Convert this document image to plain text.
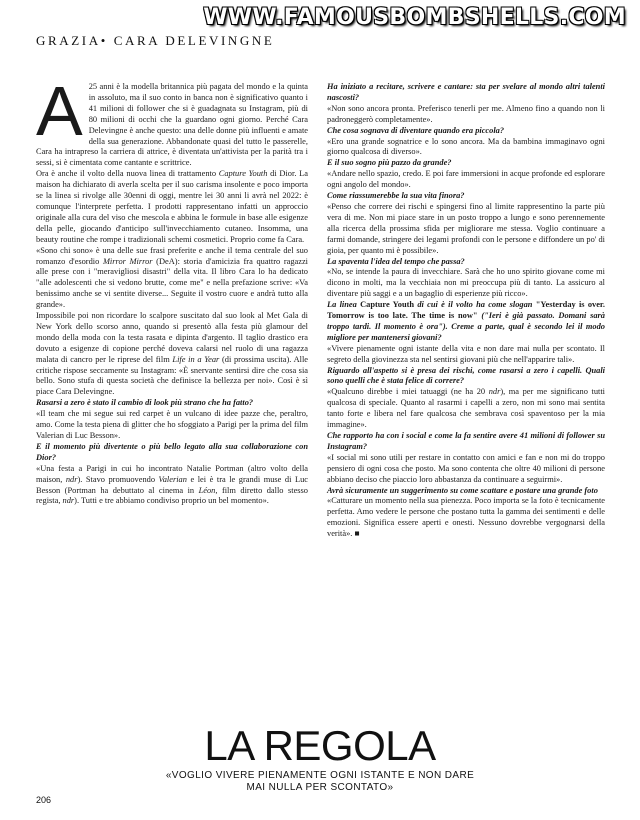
WWW.FAMOUSBOMBSHELLS.COM
GRAZIA• CARA DELEVINGNE

A 25 anni è la modella britannica più pagata del mondo e la quinta in assoluto, ma il suo conto in banca non è significativo quanto i 41 milioni di follower che si è guadagnata su Instagram, più di 80 milioni di occhi che la guardano ogni giorno. Perché Cara Delevingne è anche questo: una delle donne più influenti e amate della sua generazione. Abbandonate quasi del tutto le passerelle, Cara ha intrapreso la carriera di attrice, è diventata un'attivista per la parità tra i sessi, si è cimentata come cantante e scrittrice.

Ora è anche il volto della nuova linea di trattamento Capture Youth di Dior. La maison ha dichiarato di averla scelta per il suo carisma insolente e poco importa se la linea si rivolge alle 30enni di oggi, mentre lei 30 anni li avrà nel 2022: è comunque l'interprete perfetta. I prodotti rappresentano infatti un approccio originale alla cura del viso che mescola e abbina le formule in base alle esigenze della pelle, giocando d'anticipo sull'invecchiamento cutaneo. Insomma, una beauty routine che rompe i tradizionali schemi cosmetici. Proprio come fa Cara.

«Sono chi sono» è una delle sue frasi preferite e anche il tema centrale del suo romanzo d'esordio Mirror Mirror (DeA): storia d'amicizia fra quattro ragazzi alle prese con i "meravigliosi disastri" della vita. Il libro Cara lo ha dedicato "alle adolescenti che si vedono brutte, come me" e nella prefazione scrive: «Va benissimo anche se vi sentite diverse... Seguite il vostro cuore e andrà tutto alla grande».

Impossibile poi non ricordare lo scalpore suscitato dal suo look al Met Gala di New York dello scorso anno, quando si presentò alla festa più glamour del mondo della moda con la testa rasata e dipinta d'argento. Il taglio drastico era dovuto a esigenze di copione perché doveva calarsi nel ruolo di una ragazza malata di cancro per le riprese del film Life in a Year (di prossima uscita). Alle critiche rispose seccamente su Instagram: «È snervante sentirsi dire che cosa sia bello. Sono stufa di questa società che definisce la bellezza per noi». Così è sì piace Cara Delevingne.

Rasarsi a zero è stato il cambio di look più strano che ha fatto?

«Il team che mi segue sui red carpet è un vulcano di idee pazze che, peraltro, amo. Come la testa piena di glitter che ho sfoggiato a Parigi per la prima del film Valerian di Luc Besson».

E il momento più divertente o più bello legato alla sua collaborazione con Dior?

«Una festa a Parigi in cui ho incontrato Natalie Portman (altro volto della maison, ndr). Stavo promuovendo Valerian e lei è tra le grandi muse di Luc Besson (Portman ha debuttato al cinema in Léon, film diretto dallo stesso regista, ndr). Tutti e tre abbiamo condiviso proprio un bel momento».

Ha iniziato a recitare, scrivere e cantare: sta per svelare al mondo altri talenti nascosti?

«Non sono ancora pronta. Preferisco tenerli per me. Almeno fino a quando non li padroneggerò completamente».

Che cosa sognava di diventare quando era piccola?

«Ero una grande sognatrice e lo sono ancora. Ma da bambina immaginavo ogni giorno qualcosa di diverso».

E il suo sogno più pazzo da grande?

«Andare nello spazio, credo. E poi fare immersioni in acque profonde ed esplorare ogni angolo del mondo».

Come riassumerebbe la sua vita finora?

«Penso che correre dei rischi e spingersi fino al limite rappresentino la parte più vera di me. Non mi piace stare in un posto troppo a lungo e sono perennemente alla ricerca della prossima sfida per migliorare me stessa. Voglio continuare a farmi domande, stringere dei legami profondi con le persone e diffondere un po' di gioia, per quanto mi è possibile».

La spaventa l'idea del tempo che passa?

«No, se intende la paura di invecchiare. Sarà che ho uno spirito giovane come mi dicono in molti, ma la vecchiaia non mi preoccupa più di tanto. La assicuro al diventare più saggi e a un bagaglio di esperienze più ricco».

La linea Capture Youth di cui è il volto ha come slogan "Yesterday is over. Tomorrow is too late. The time is now" ("Ieri è già passato. Domani sarà troppo tardi. Il momento è ora"). Creme a parte, qual è secondo lei il modo migliore per mantenersi giovani?

«Vivere pienamente ogni istante della vita e non dare mai nulla per scontato. Il segreto della giovinezza sta nel sentirsi giovani più che nell'apparire tali».

Riguardo all'aspetto si è presa dei rischi, come rasarsi a zero i capelli. Quali sono quelli che è stata felice di correre?

«Qualcuno direbbe i miei tatuaggi (ne ha 20 ndr), ma per me significano tutti qualcosa di speciale. Quanto al rasarmi i capelli a zero, non mi sono mai sentita tanto forte e libera nel fare qualcosa che sembrava così spaventoso per la mia immagine».

Che rapporto ha con i social e come la fa sentire avere 41 milioni di follower su Instagram?

«I social mi sono utili per restare in contatto con amici e fan e non mi do troppo pensiero di ogni cosa che posto. Ma sono contenta che oltre 40 milioni di persone abbiano deciso che piaccio loro abbastanza da continuare a seguirmi».

Avrà sicuramente un suggerimento su come scattare e postare una grande foto

«Catturare un momento nella sua pienezza. Poco importa se la foto è tecnicamente perfetta. Amo vedere le persone che postano tutta la gamma dei sentimenti e delle emozioni. Significa essere aperti e onesti. Nessuno dovrebbe vergognarsi della verità». ■

LA REGOLA
«VOGLIO VIVERE PIENAMENTE OGNI ISTANTE E NON DARE
MAI NULLA PER SCONTATO»
206
